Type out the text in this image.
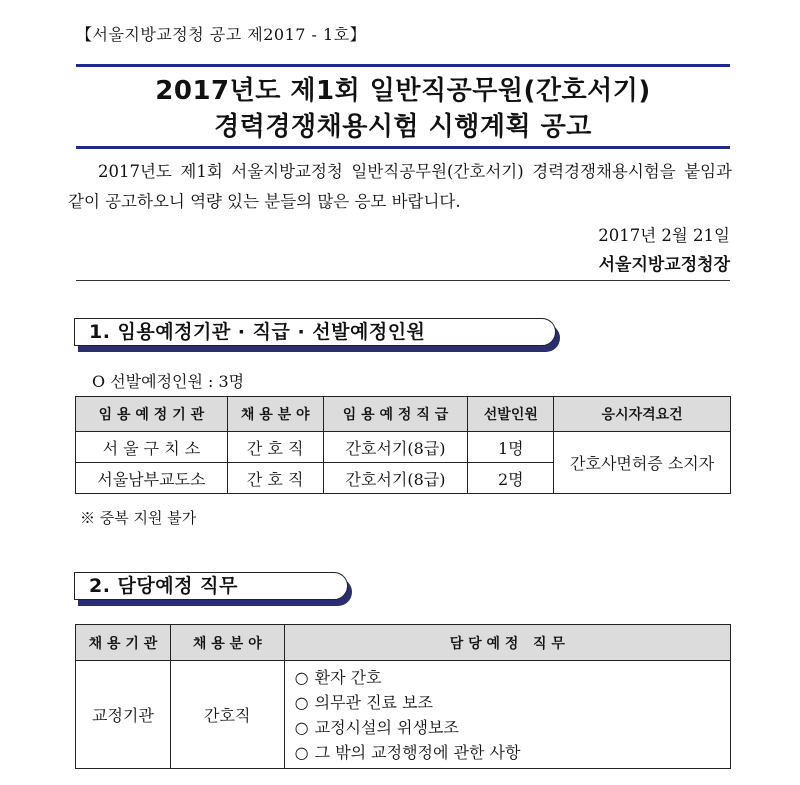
【서울지방교정청 공고 제2017 - 1호】
2017년도 제1회 일반직공무원(간호서기)
경력경쟁채용시험 시행계획 공고
2017년도 제1회 서울지방교정청 일반직공무원(간호서기) 경력경쟁채용시험을 붙임과 같이 공고하오니 역량 있는 분들의 많은 응모 바랍니다.
2017년 2월 21일
서울지방교정청장
1. 임용예정기관 · 직급 · 선발예정인원
O 선발예정인원 : 3명
임 용 예 정 기 관	채 용 분 야	임 용 예 정 직 급	선발인원	응시자격요건
서 울 구 치 소	간 호 직	간호서기(8급)	1명	간호사면허증 소지자
서울남부교도소	간 호 직	간호서기(8급)	2명	
※ 중복 지원 불가
2. 담당예정 직무
채 용 기 관	채 용 분 야	담 당 예 정   직 무
교정기관	간호직	○ 환자 간호
○ 의무관 진료 보조
○ 교정시설의 위생보조
○ 그 밖의 교정행정에 관한 사항
